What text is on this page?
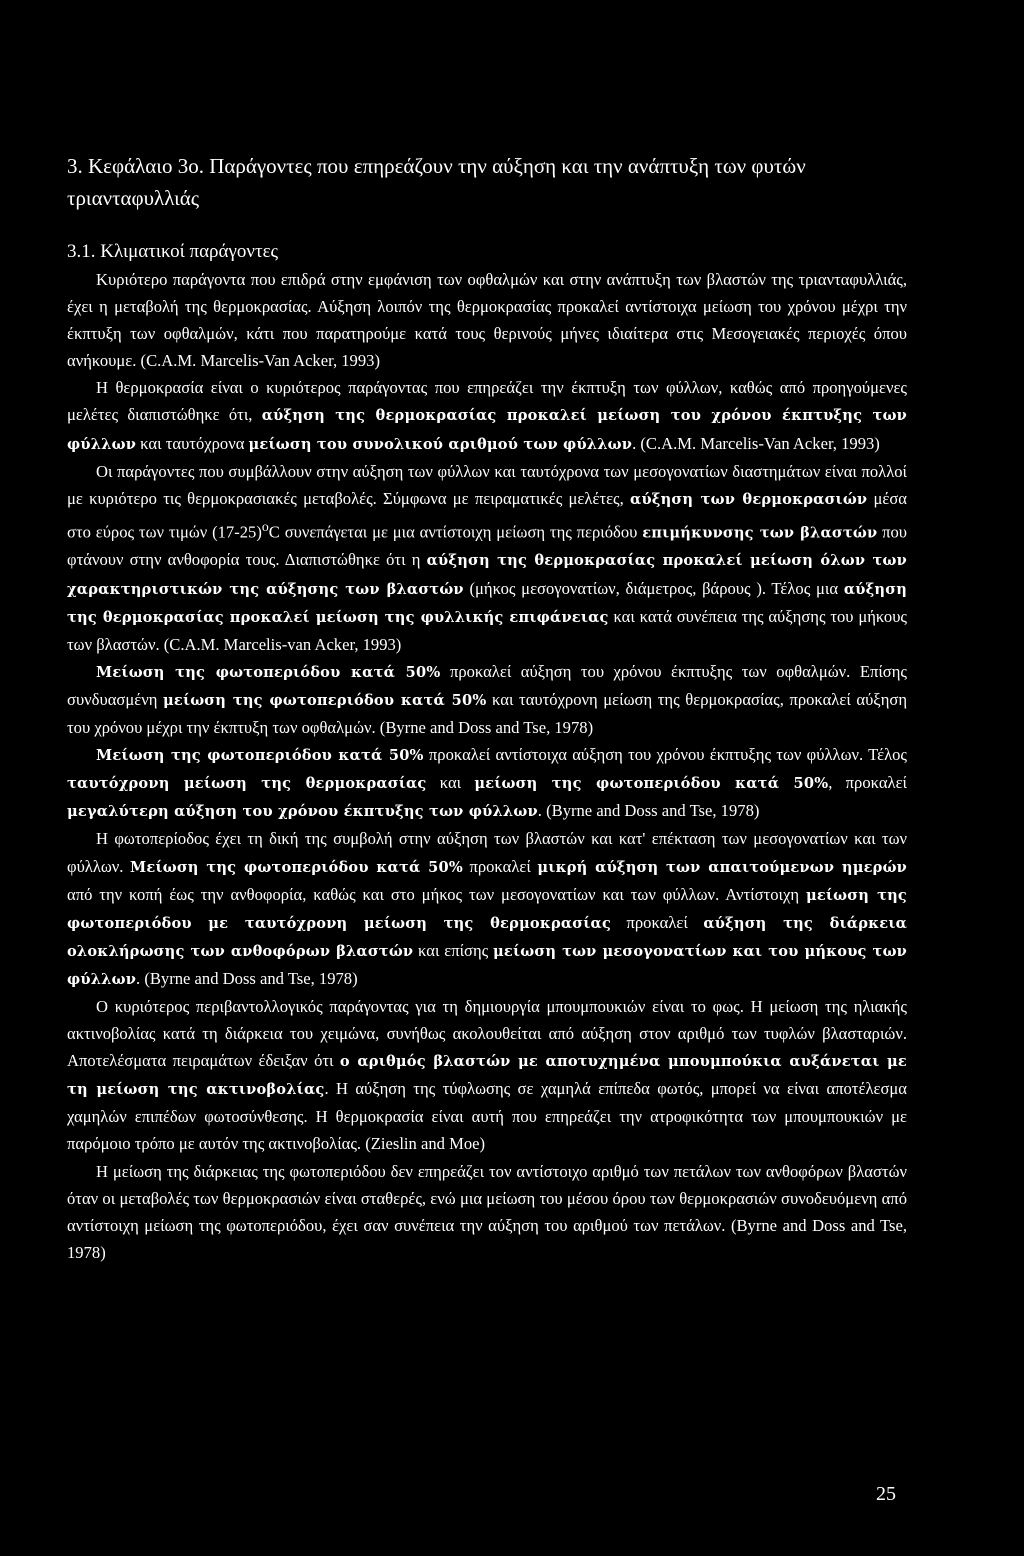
3. Κεφάλαιο 3ο. Παράγοντες που επηρεάζουν την αύξηση και την ανάπτυξη των φυτών τριανταφυλλιάς
3.1. Κλιματικοί παράγοντες

Κυριότερο παράγοντα που επιδρά στην εμφάνιση των οφθαλμών και στην ανάπτυξη των βλαστών της τριανταφυλλιάς, έχει η μεταβολή της θερμοκρασίας. Αύξηση λοιπόν της θερμοκρασίας προκαλεί αντίστοιχα μείωση του χρόνου μέχρι την έκπτυξη των οφθαλμών, κάτι που παρατηρούμε κατά τους θερινούς μήνες ιδιαίτερα στις Μεσογειακές περιοχές όπου ανήκουμε. (C.A.M. Marcelis-Van Acker, 1993)

Η θερμοκρασία είναι ο κυριότερος παράγοντας που επηρεάζει την έκπτυξη των φύλλων, καθώς από προηγούμενες μελέτες διαπιστώθηκε ότι, αύξηση της θερμοκρασίας προκαλεί μείωση του χρόνου έκπτυξης των φύλλων και ταυτόχρονα μείωση του συνολικού αριθμού των φύλλων. (C.A.M. Marcelis-Van Acker, 1993)

Οι παράγοντες που συμβάλλουν στην αύξηση των φύλλων και ταυτόχρονα των μεσογονατίων διαστημάτων είναι πολλοί με κυριότερο τις θερμοκρασιακές μεταβολές. Σύμφωνα με πειραματικές μελέτες, αύξηση των θερμοκρασιών μέσα στο εύρος των τιμών $(17-25)^oC$ συνεπάγεται με μια αντίστοιχη μείωση της περιόδου επιμήκυνσης των βλαστών που φτάνουν στην ανθοφορία τους. Διαπιστώθηκε ότι η αύξηση της θερμοκρασίας προκαλεί μείωση όλων των χαρακτηριστικών της αύξησης των βλαστών (μήκος μεσογονατίων, διάμετρος, βάρους ). Τέλος μια αύξηση της θερμοκρασίας προκαλεί μείωση της φυλλικής επιφάνειας και κατά συνέπεια της αύξησης του μήκους των βλαστών. (C.A.M. Marcelis-van Acker, 1993)

Μείωση της φωτοπεριόδου κατά 50% προκαλεί αύξηση του χρόνου έκπτυξης των οφθαλμών. Επίσης συνδυασμένη μείωση της φωτοπεριόδου κατά 50% και ταυτόχρονη μείωση της θερμοκρασίας, προκαλεί αύξηση του χρόνου μέχρι την έκπτυξη των οφθαλμών. (Byrne and Doss and Tse, 1978)

Μείωση της φωτοπεριόδου κατά 50% προκαλεί αντίστοιχα αύξηση του χρόνου έκπτυξης των φύλλων. Τέλος ταυτόχρονη μείωση της θερμοκρασίας και μείωση της φωτοπεριόδου κατά 50%, προκαλεί μεγαλύτερη αύξηση του χρόνου έκπτυξης των φύλλων. (Byrne and Doss and Tse, 1978)

Η φωτοπερίοδος έχει τη δική της συμβολή στην αύξηση των βλαστών και κατ' επέκταση των μεσογονατίων και των φύλλων. Μείωση της φωτοπεριόδου κατά 50% προκαλεί μικρή αύξηση των απαιτούμενων ημερών από την κοπή έως την ανθοφορία, καθώς και στο μήκος των μεσογονατίων και των φύλλων. Αντίστοιχη μείωση της φωτοπεριόδου με ταυτόχρονη μείωση της θερμοκρασίας προκαλεί αύξηση της διάρκεια ολοκλήρωσης των ανθοφόρων βλαστών και επίσης μείωση των μεσογονατίων και του μήκους των φύλλων. (Byrne and Doss and Tse, 1978)

Ο κυριότερος περιβαντολλογικός παράγοντας για τη δημιουργία μπουμπουκιών είναι το φως. Η μείωση της ηλιακής ακτινοβολίας κατά τη διάρκεια του χειμώνα, συνήθως ακολουθείται από αύξηση στον αριθμό των τυφλών βλασταριών. Αποτελέσματα πειραμάτων έδειξαν ότι ο αριθμός βλαστών με αποτυχημένα μπουμπούκια αυξάνεται με τη μείωση της ακτινοβολίας. Η αύξηση της τύφλωσης σε χαμηλά επίπεδα φωτός, μπορεί να είναι αποτέλεσμα χαμηλών επιπέδων φωτοσύνθεσης. Η θερμοκρασία είναι αυτή που επηρεάζει την ατροφικότητα των μπουμπουκιών με παρόμοιο τρόπο με αυτόν της ακτινοβολίας. (Zieslin and Moe)

Η μείωση της διάρκειας της φωτοπεριόδου δεν επηρεάζει τον αντίστοιχο αριθμό των πετάλων των ανθοφόρων βλαστών όταν οι μεταβολές των θερμοκρασιών είναι σταθερές, ενώ μια μείωση του μέσου όρου των θερμοκρασιών συνοδευόμενη από αντίστοιχη μείωση της φωτοπεριόδου, έχει σαν συνέπεια την αύξηση του αριθμού των πετάλων. (Byrne and Doss and Tse, 1978)

25
